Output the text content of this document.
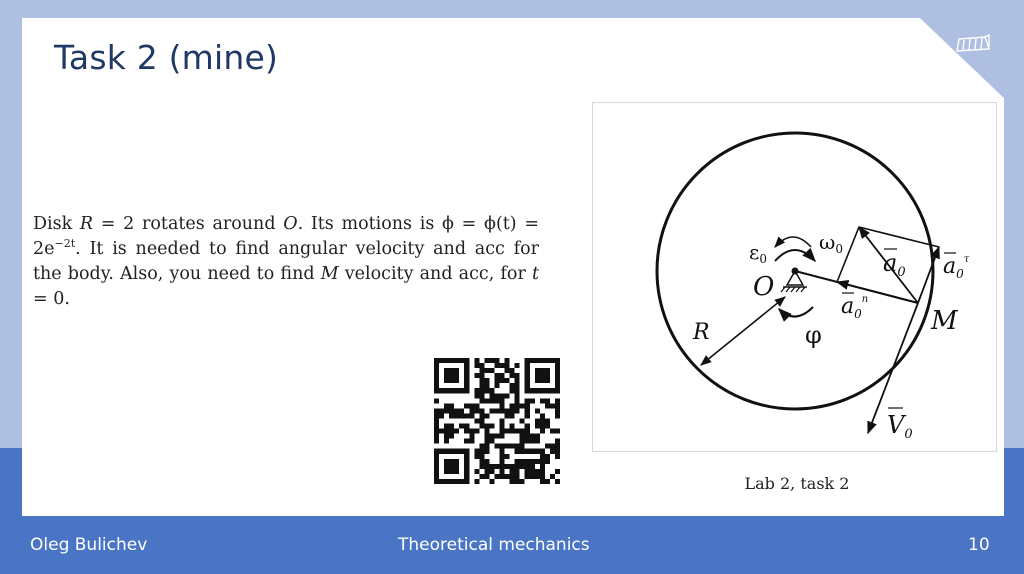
Task 2 (mine)

Disk R = 2 rotates around O. Its motions is $\phi = \phi(t) = 2e^{-2t}$. It is needed to find angular velocity and acc for the body. Also, you need to find M velocity and acc, for t = 0.

$\varepsilon_0$
$\omega_0$ $a_0$ $a_0^\tau$
$a_0^n$
O
M
R	φ
$V_0$

Lab 2, task 2

Oleg Bulichev	Theoretical mechanics	10
